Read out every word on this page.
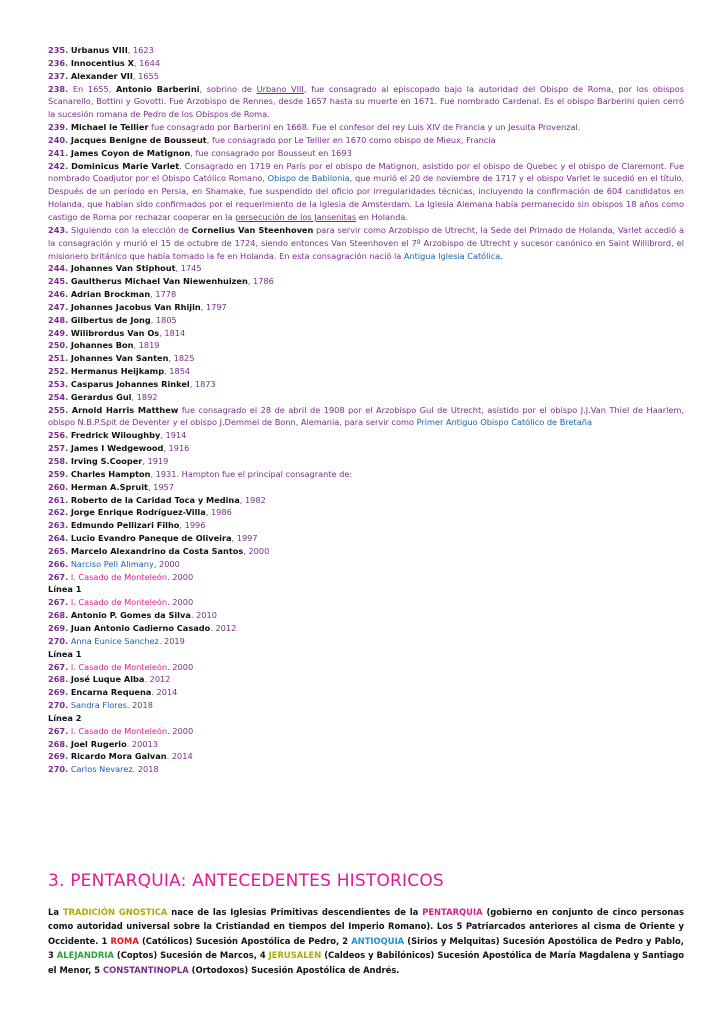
235. Urbanus VIII, 1623
236. Innocentius X, 1644
237. Alexander VII, 1655
238. En 1655, Antonio Barberini, sobrino de Urbano VIII, fue consagrado al episcopado bajo la autoridad del Obispo de Roma, por los obispos Scanarello, Bottini y Govotti. Fue Arzobispo de Rennes, desde 1657 hasta su muerte en 1671. Fue nombrado Cardenal. Es el obispo Barberini quien cerró la sucesión romana de Pedro de los Obispos de Roma.
239. Michael le Tellier fue consagrado por Barberini en 1668. Fue el confesor del rey Luis XIV de Francia y un Jesuita Provenzal.
240. Jacques Benigne de Bousseut, fue consagrado por Le Tellier en 1670 como obispo de Mieux, Francia
241. James Coyon de Matignon, fue consagrado por Bousseut en 1693
242. Dominicus Marie Varlet. Consagrado en 1719 en París por el obispo de Matignon, asistido por el obispo de Quebec y el obispo de Claremont. Fue nombrado Coadjutor por el Obispo Católico Romano, Obispo de Babilonia, que murió el 20 de noviembre de 1717 y el obispo Varlet le sucedió en el título. Después de un período en Persia, en Shamake, fue suspendido del oficio por irregularidades técnicas, incluyendo la confirmación de 604 candidatos en Holanda, que habían sido confirmados por el requerimiento de la Iglesia de Amsterdam. La Iglesia Alemana había permanecido sin obispos 18 años como castigo de Roma por rechazar cooperar en la persecución de los Jansenitas en Holanda.
243. Siguiendo con la elección de Cornelius Van Steenhoven para servir como Arzobispo de Utrecht, la Sede del Primado de Holanda, Varlet accedió a la consagración y murió el 15 de octubre de 1724, siendo entonces Van Steenhoven el 7º Arzobispo de Utrecht y sucesor canónico en Saint Willibrord, el misionero británico que había tomado la fe en Holanda. En esta consagración nació la Antigua Iglesia Católica.
244. Johannes Van Stiphout, 1745
245. Gaultherus Michael Van Niewenhuizen, 1786
246. Adrian Brockman, 1778
247. Johannes Jacobus Van Rhijin, 1797
248. Gilbertus de Jong, 1805
249. Wilibrordus Van Os, 1814
250. Johannes Bon, 1819
251. Johannes Van Santen, 1825
252. Hermanus Heijkamp, 1854
253. Casparus Johannes Rinkel, 1873
254. Gerardus Gul, 1892
255. Arnold Harris Matthew fue consagrado el 28 de abril de 1908 por el Arzobispo Gul de Utrecht, asistido por el obispo J.J.Van Thiel de Haarlem, obispo N.B.P.Spit de Deventer y el obispo J.Demmel de Bonn, Alemania, para servir como Primer Antiguo Obispo Católico de Bretaña
256. Fredrick Wiloughby, 1914
257. James I Wedgewood, 1916
258. Irving S.Cooper, 1919
259. Charles Hampton, 1931. Hampton fue el principal consagrante de:
260. Herman A.Spruit, 1957
261. Roberto de la Caridad Toca y Medina, 1982
262. Jorge Enrique Rodríguez-Villa, 1986
263. Edmundo Pellizari Filho, 1996
264. Lucio Evandro Paneque de Oliveira, 1997
265. Marcelo Alexandrino da Costa Santos, 2000
266. Narciso Pell Alimany, 2000
267. I. Casado de Monteleón. 2000
Línea 1
267. I. Casado de Monteleón. 2000
268. Antonio P. Gomes da Silva. 2010
269. Juan Antonio Cadierno Casado. 2012
270. Anna Eunice Sanchez. 2019
Línea 1
267. I. Casado de Monteleón. 2000
268. José Luque Alba. 2012
269. Encarna Requena. 2014
270. Sandra Flores. 2018
Línea 2
267. I. Casado de Monteleón. 2000
268. Joel Rugerio. 20013
269. Ricardo Mora Galvan. 2014
270. Carlos Nevarez. 2018
3. PENTARQUIA: ANTECEDENTES HISTORICOS
La TRADICIÓN GNOSTICA nace de las Iglesias Primitivas descendientes de la PENTARQUIA (gobierno en conjunto de cinco personas como autoridad universal sobre la Cristiandad en tiempos del Imperio Romano). Los 5 Patriarcados anteriores al cisma de Oriente y Occidente. 1 ROMA (Católicos) Sucesión Apostólica de Pedro, 2 ANTIOQUIA (Sirios y Melquitas) Sucesión Apostólica de Pedro y Pablo, 3 ALEJANDRIA (Coptos) Sucesión de Marcos, 4 JERUSALEN (Caldeos y Babilónicos) Sucesión Apostólica de María Magdalena y Santiago el Menor, 5 CONSTANTINOPLA (Ortodoxos) Sucesión Apostólica de Andrés.
